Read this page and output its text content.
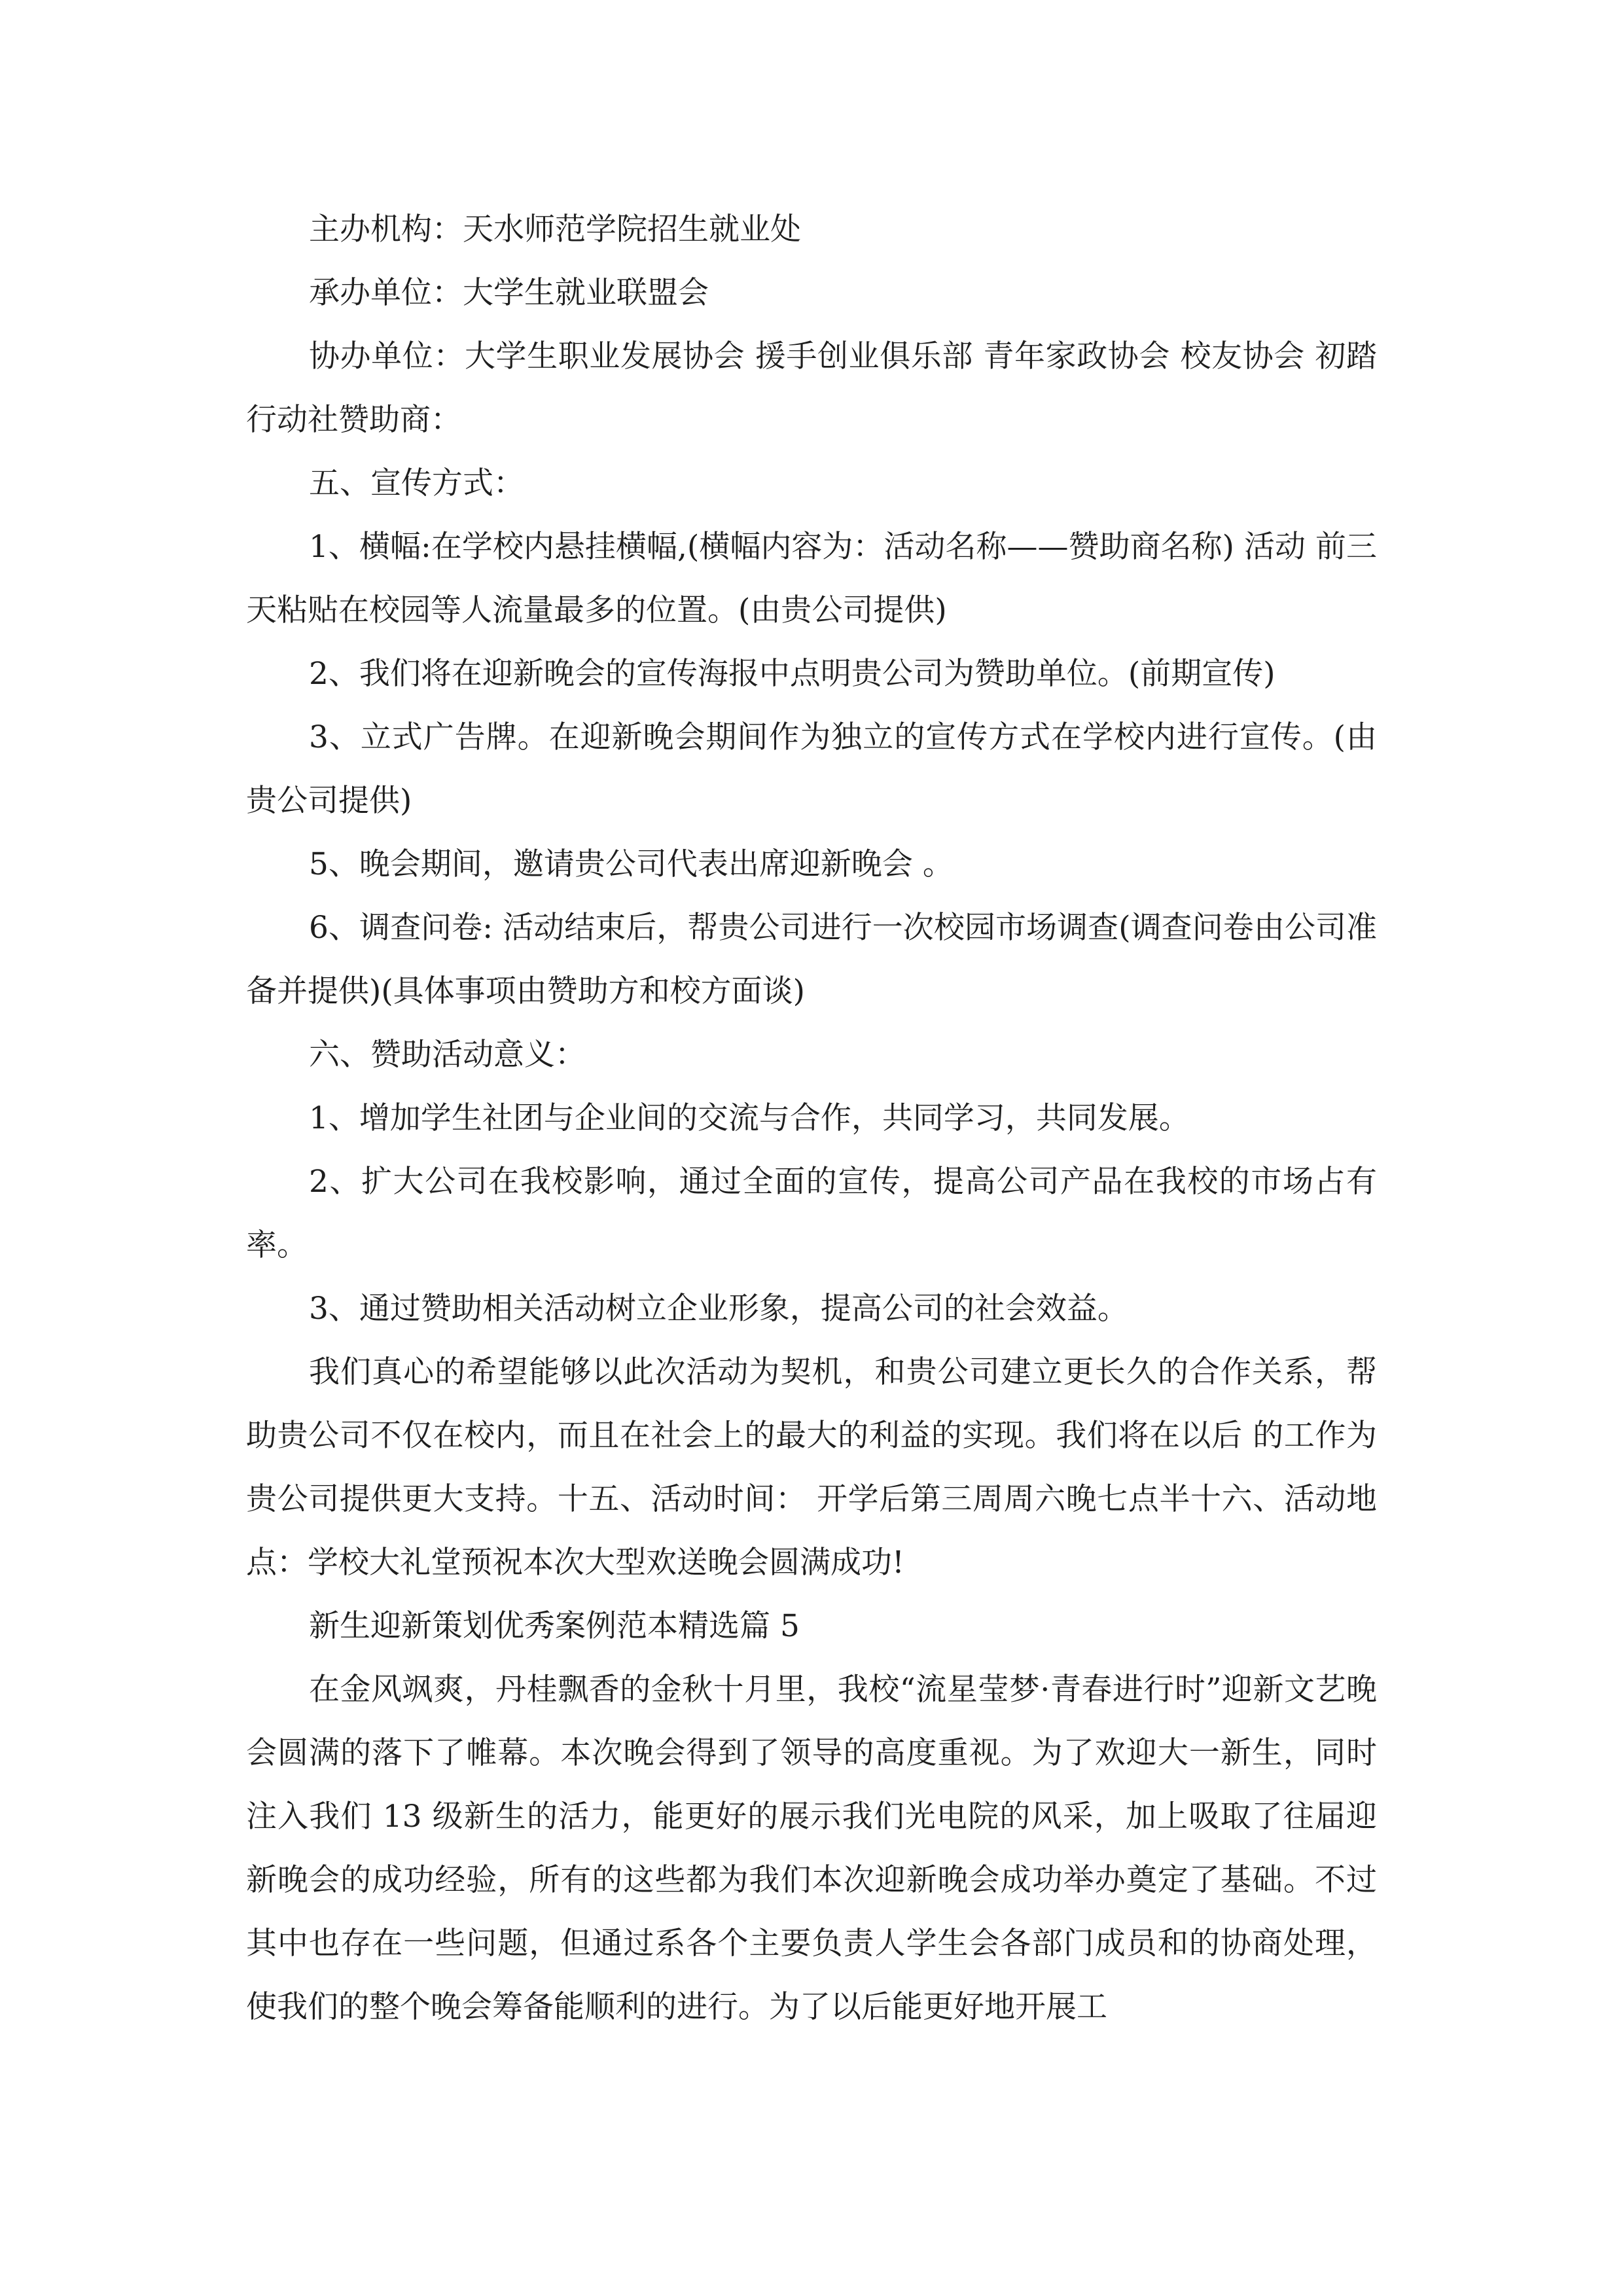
主办机构：天水师范学院招生就业处

承办单位：大学生就业联盟会

协办单位：大学生职业发展协会 援手创业俱乐部 青年家政协会 校友协会 初踏行动社赞助商：

五、宣传方式：

1、横幅:在学校内悬挂横幅,(横幅内容为：活动名称——赞助商名称) 活动 前三天粘贴在校园等人流量最多的位置。(由贵公司提供)

2、我们将在迎新晚会的宣传海报中点明贵公司为赞助单位。(前期宣传)

3、立式广告牌。在迎新晚会期间作为独立的宣传方式在学校内进行宣传。(由贵公司提供)

5、晚会期间，邀请贵公司代表出席迎新晚会 。

6、调查问卷: 活动结束后，帮贵公司进行一次校园市场调查(调查问卷由公司准备并提供)(具体事项由赞助方和校方面谈)

六、赞助活动意义：

1、增加学生社团与企业间的交流与合作，共同学习，共同发展。

2、扩大公司在我校影响，通过全面的宣传，提高公司产品在我校的市场占有率。

3、通过赞助相关活动树立企业形象，提高公司的社会效益。

我们真心的希望能够以此次活动为契机，和贵公司建立更长久的合作关系，帮助贵公司不仅在校内，而且在社会上的最大的利益的实现。我们将在以后 的工作为贵公司提供更大支持。十五、活动时间： 开学后第三周周六晚七点半十六、活动地点：学校大礼堂预祝本次大型欢送晚会圆满成功!

新生迎新策划优秀案例范本精选篇 5

在金风飒爽，丹桂飘香的金秋十月里，我校“流星莹梦·青春进行时”迎新文艺晚会圆满的落下了帷幕。本次晚会得到了领导的高度重视。为了欢迎大一新生，同时注入我们 13 级新生的活力，能更好的展示我们光电院的风采，加上吸取了往届迎新晚会的成功经验，所有的这些都为我们本次迎新晚会成功举办奠定了基础。不过其中也存在一些问题，但通过系各个主要负责人学生会各部门成员和的协商处理，使我们的整个晚会筹备能顺利的进行。为了以后能更好地开展工
